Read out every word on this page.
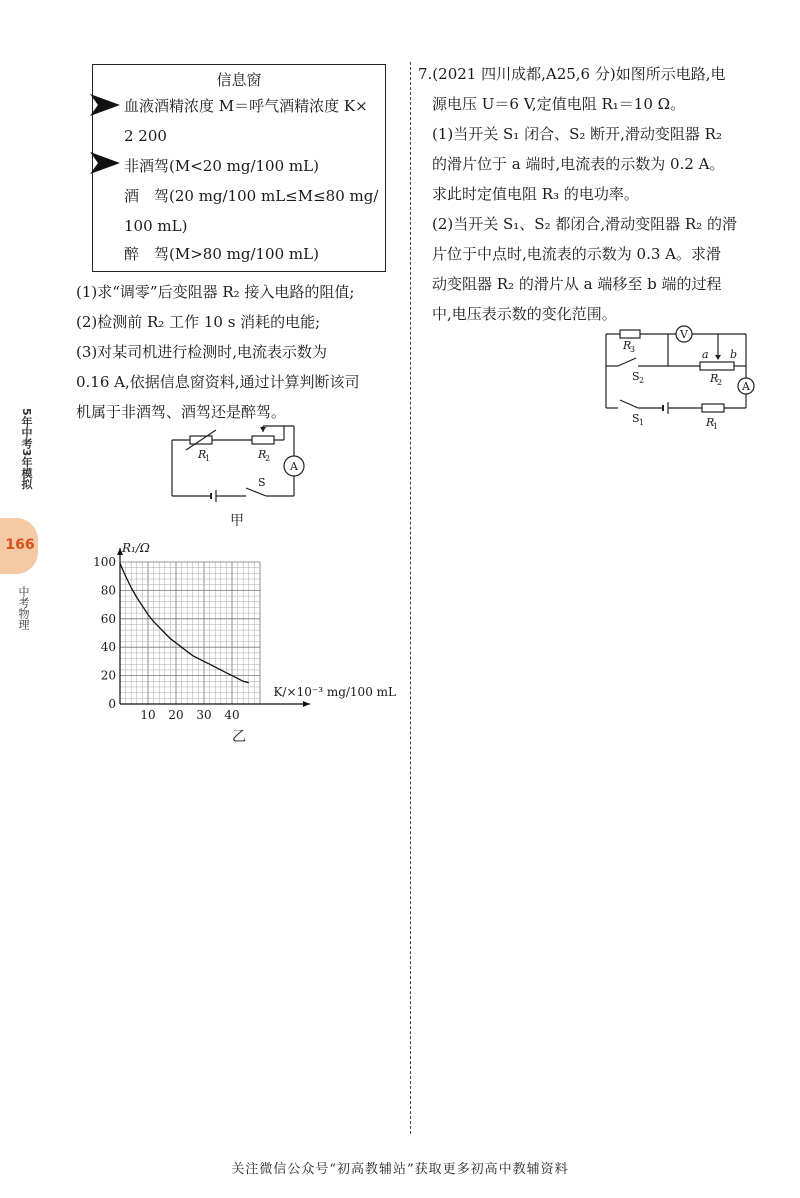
5年中考3年模拟
166
中考物理
信息窗
血液酒精浓度 M＝呼气酒精浓度 K×
2 200
非酒驾(M<20 mg/100 mL)
酒　驾(20 mg/100 mL≤M≤80 mg/
100 mL)
醉　驾(M>80 mg/100 mL)
(1)求“调零”后变阻器 R₂ 接入电路的阻值;
(2)检测前 R₂ 工作 10 s 消耗的电能;
(3)对某司机进行检测时,电流表示数为
0.16 A,依据信息窗资料,通过计算判断该司
机属于非酒驾、酒驾还是醉驾。
R
1	R
2
A
S
甲
10 20 30 40
0
20
40
60
80
100
R₁/Ω
K/×10⁻³ mg/100 mL
乙
7.(2021 四川成都,A25,6 分)如图所示电路,电
源电压 U＝6 V,定值电阻 R₁＝10 Ω。
(1)当开关 S₁ 闭合、S₂ 断开,滑动变阻器 R₂
的滑片位于 a 端时,电流表的示数为 0.2 A。
求此时定值电阻 R₃ 的电功率。
(2)当开关 S₁、S₂ 都闭合,滑动变阻器 R₂ 的滑
片位于中点时,电流表的示数为 0.3 A。求滑
动变阻器 R₂ 的滑片从 a 端移至 b 端的过程
中,电压表示数的变化范围。
R
3
V
a b
R
2
S 2	A
S 1	R
1
关注微信公众号“初高教辅站”获取更多初高中教辅资料
